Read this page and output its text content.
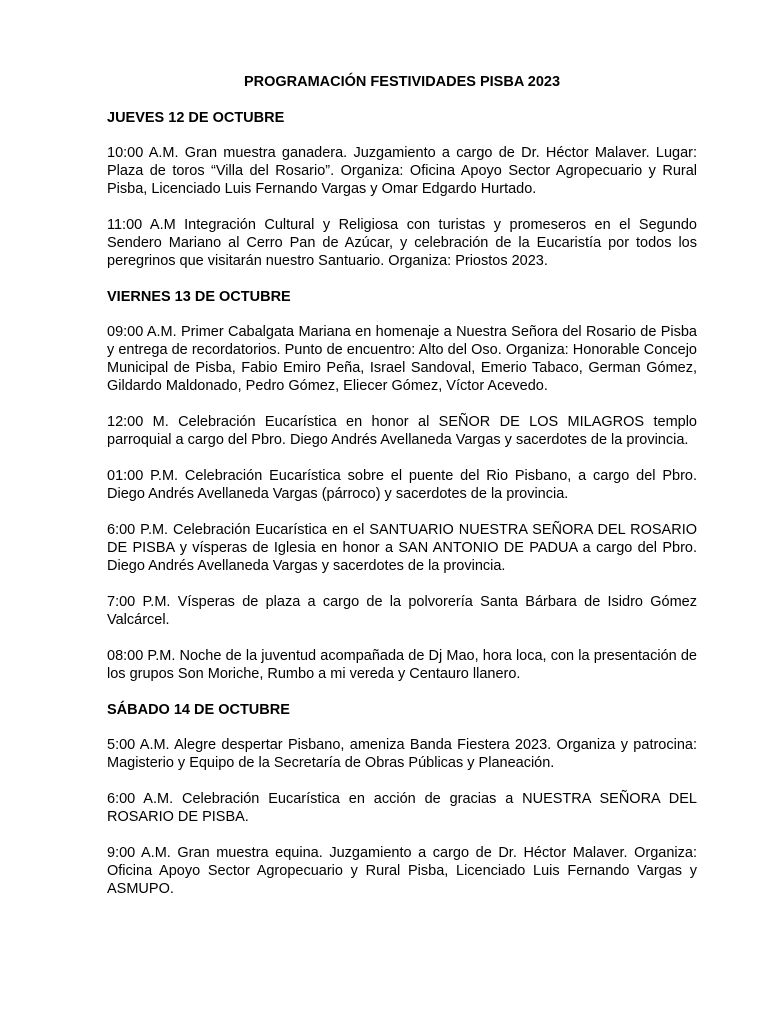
PROGRAMACIÓN FESTIVIDADES PISBA 2023
JUEVES 12 DE OCTUBRE

10:00 A.M. Gran muestra ganadera. Juzgamiento a cargo de Dr. Héctor Malaver. Lugar: Plaza de toros “Villa del Rosario”. Organiza: Oficina Apoyo Sector Agropecuario y Rural Pisba, Licenciado Luis Fernando Vargas y Omar Edgardo Hurtado.

11:00 A.M Integración Cultural y Religiosa con turistas y promeseros en el Segundo Sendero Mariano al Cerro Pan de Azúcar, y celebración de la Eucaristía por todos los peregrinos que visitarán nuestro Santuario. Organiza: Priostos 2023.

VIERNES 13 DE OCTUBRE

09:00 A.M. Primer Cabalgata Mariana en homenaje a Nuestra Señora del Rosario de Pisba y entrega de recordatorios. Punto de encuentro: Alto del Oso. Organiza: Honorable Concejo Municipal de Pisba, Fabio Emiro Peña, Israel Sandoval, Emerio Tabaco, German Gómez, Gildardo Maldonado, Pedro Gómez, Eliecer Gómez, Víctor Acevedo.

12:00 M. Celebración Eucarística en honor al SEÑOR DE LOS MILAGROS templo parroquial a cargo del Pbro. Diego Andrés Avellaneda Vargas y sacerdotes de la provincia.

01:00 P.M. Celebración Eucarística sobre el puente del Rio Pisbano, a cargo del Pbro. Diego Andrés Avellaneda Vargas (párroco) y sacerdotes de la provincia.

6:00 P.M. Celebración Eucarística en el SANTUARIO NUESTRA SEÑORA DEL ROSARIO DE PISBA y vísperas de Iglesia en honor a SAN ANTONIO DE PADUA a cargo del Pbro. Diego Andrés Avellaneda Vargas y sacerdotes de la provincia.

7:00 P.M. Vísperas de plaza a cargo de la polvorería Santa Bárbara de Isidro Gómez Valcárcel.

08:00 P.M. Noche de la juventud acompañada de Dj Mao, hora loca, con la presentación de los grupos Son Moriche, Rumbo a mi vereda y Centauro llanero.

SÁBADO 14 DE OCTUBRE

5:00 A.M. Alegre despertar Pisbano, ameniza Banda Fiestera 2023. Organiza y patrocina: Magisterio y Equipo de la Secretaría de Obras Públicas y Planeación.

6:00 A.M. Celebración Eucarística en acción de gracias a NUESTRA SEÑORA DEL ROSARIO DE PISBA.

9:00 A.M. Gran muestra equina. Juzgamiento a cargo de Dr. Héctor Malaver. Organiza: Oficina Apoyo Sector Agropecuario y Rural Pisba, Licenciado Luis Fernando Vargas y ASMUPO.
